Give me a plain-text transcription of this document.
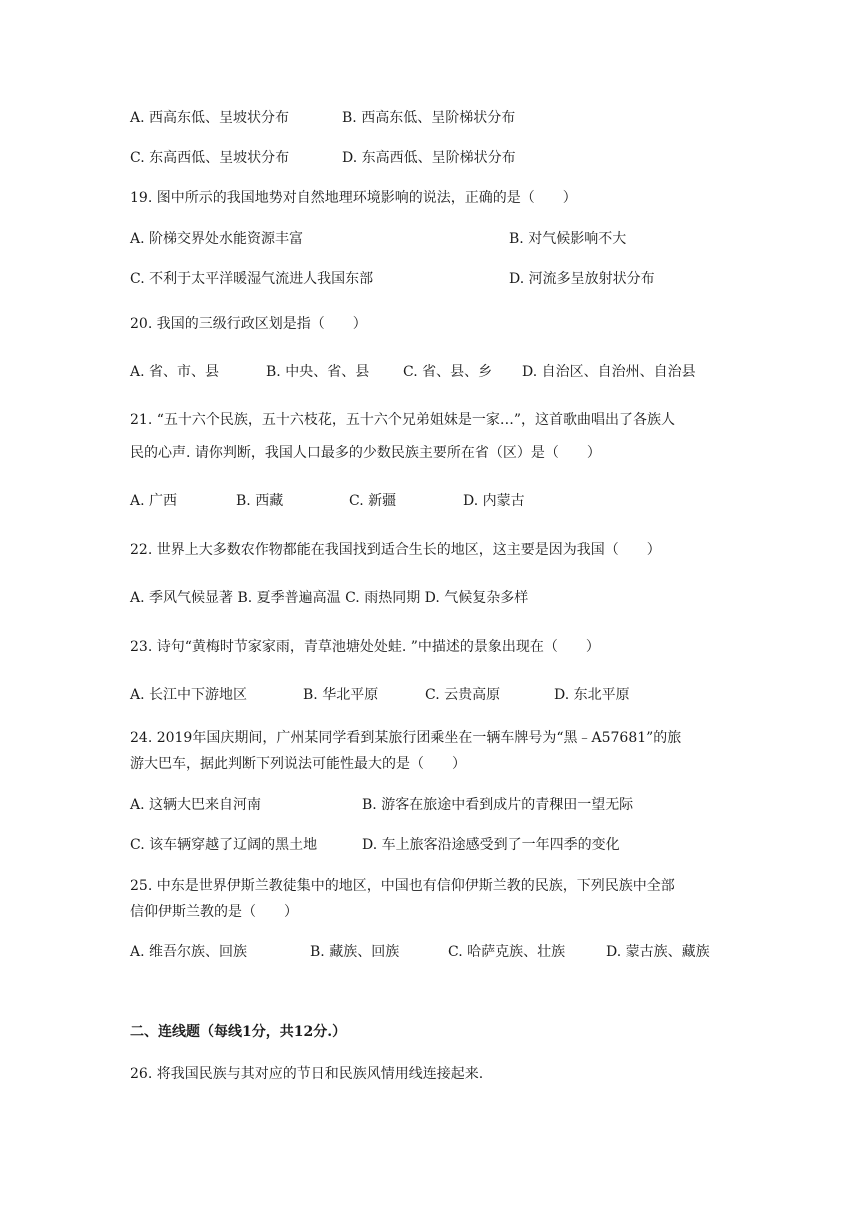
A. 西高东低、呈坡状分布	B. 西高东低、呈阶梯状分布
C. 东高西低、呈坡状分布	D. 东高西低、呈阶梯状分布
19. 图中所示的我国地势对自然地理环境影响的说法，正确的是（　　）
A. 阶梯交界处水能资源丰富	B. 对气候影响不大
C. 不利于太平洋暖湿气流进人我国东部	D. 河流多呈放射状分布
20. 我国的三级行政区划是指（　　）
A. 省、市、县	B. 中央、省、县 C. 省、县、乡 D. 自治区、自治州、自治县
21. “五十六个民族，五十六枝花，五十六个兄弟姐妹是一家…”，这首歌曲唱出了各族人
民的心声. 请你判断，我国人口最多的少数民族主要所在省（区）是（　　）
A. 广西	B. 西藏	C. 新疆	D. 内蒙古
22. 世界上大多数农作物都能在我国找到适合生长的地区，这主要是因为我国（　　）
A. 季风气候显著 B. 夏季普遍高温 C. 雨热同期 D. 气候复杂多样
23. 诗句“黄梅时节家家雨，青草池塘处处蛙. ”中描述的景象出现在（　　）
A. 长江中下游地区	B. 华北平原	C. 云贵高原	D. 东北平原
24. 2019年国庆期间，广州某同学看到某旅行团乘坐在一辆车牌号为“黑﹣A57681”的旅
游大巴车，据此判断下列说法可能性最大的是（　　）
A. 这辆大巴来自河南	B. 游客在旅途中看到成片的青稞田一望无际
C. 该车辆穿越了辽阔的黑土地	D. 车上旅客沿途感受到了一年四季的变化
25. 中东是世界伊斯兰教徒集中的地区，中国也有信仰伊斯兰教的民族，下列民族中全部
信仰伊斯兰教的是（　　）
A. 维吾尔族、回族	B. 藏族、回族	C. 哈萨克族、壮族	D. 蒙古族、藏族
二、连线题（每线1分，共12分.）
26. 将我国民族与其对应的节日和民族风情用线连接起来.
